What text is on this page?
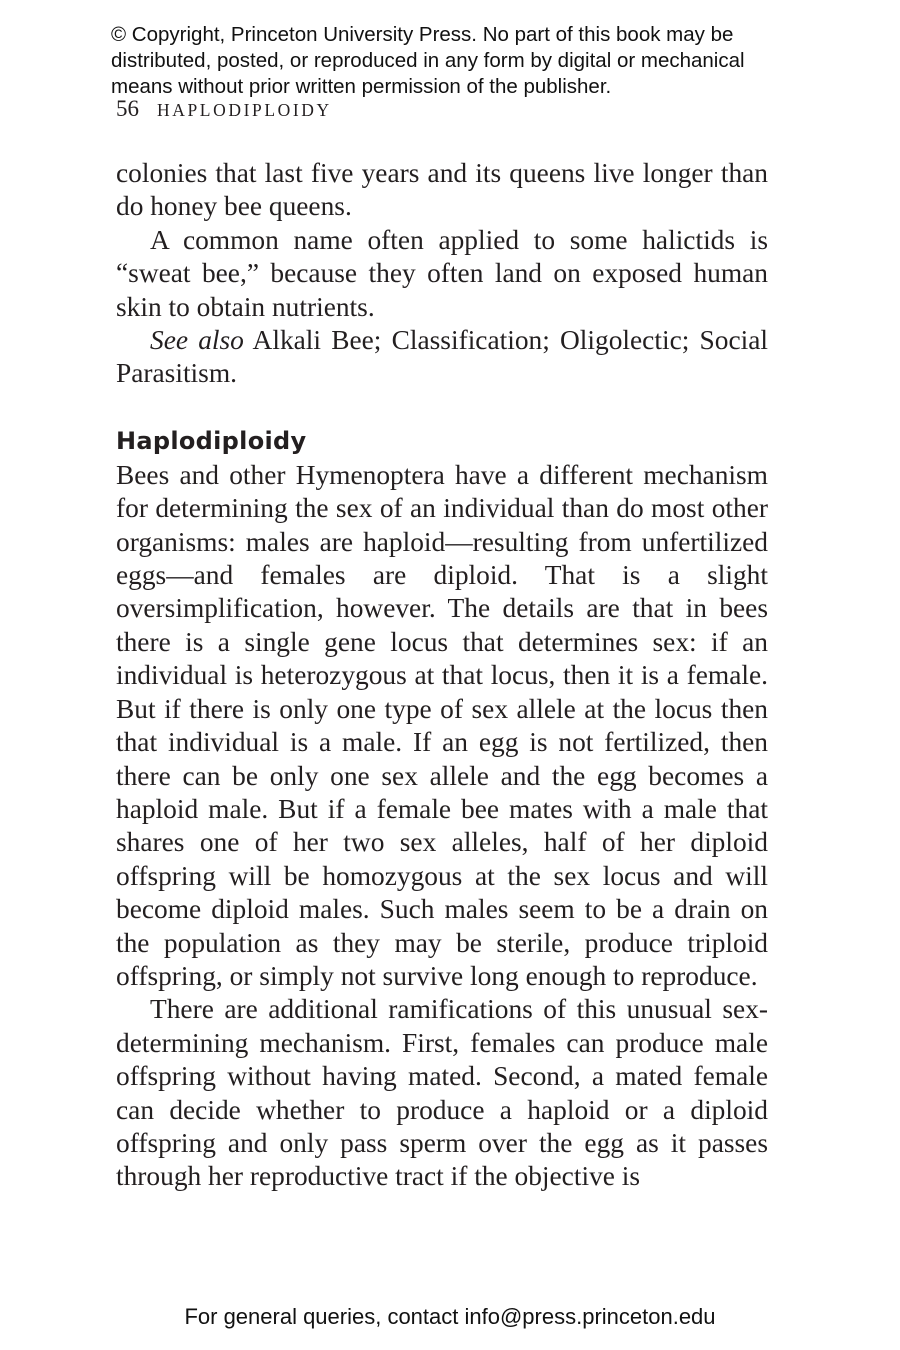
© Copyright, Princeton University Press. No part of this book may be

distributed, posted, or reproduced in any form by digital or mechanical

means without prior written permission of the publisher.

56 HAPLODIPLOIDY

colonies that last five years and its queens live longer than do honey bee queens.

A common name often applied to some halictids is “sweat bee,” because they often land on exposed human skin to obtain nutrients.

See also Alkali Bee; Classification; Oligolectic; Social Parasitism.

Haplodiploidy

Bees and other Hymenoptera have a different mechanism for determining the sex of an individual than do most other organisms: males are haploid—resulting from unfertilized eggs—and females are diploid. That is a slight oversimplification, however. The details are that in bees there is a single gene locus that determines sex: if an individual is heterozygous at that locus, then it is a female. But if there is only one type of sex allele at the locus then that individual is a male. If an egg is not fertilized, then there can be only one sex allele and the egg becomes a haploid male. But if a female bee mates with a male that shares one of her two sex alleles, half of her diploid offspring will be homozygous at the sex locus and will become diploid males. Such males seem to be a drain on the population as they may be sterile, produce triploid offspring, or simply not survive long enough to reproduce.

There are additional ramifications of this unusual sex-determining mechanism. First, females can produce male offspring without having mated. Second, a mated female can decide whether to produce a haploid or a diploid offspring and only pass sperm over the egg as it passes through her reproductive tract if the objective is

For general queries, contact info@press.princeton.edu
